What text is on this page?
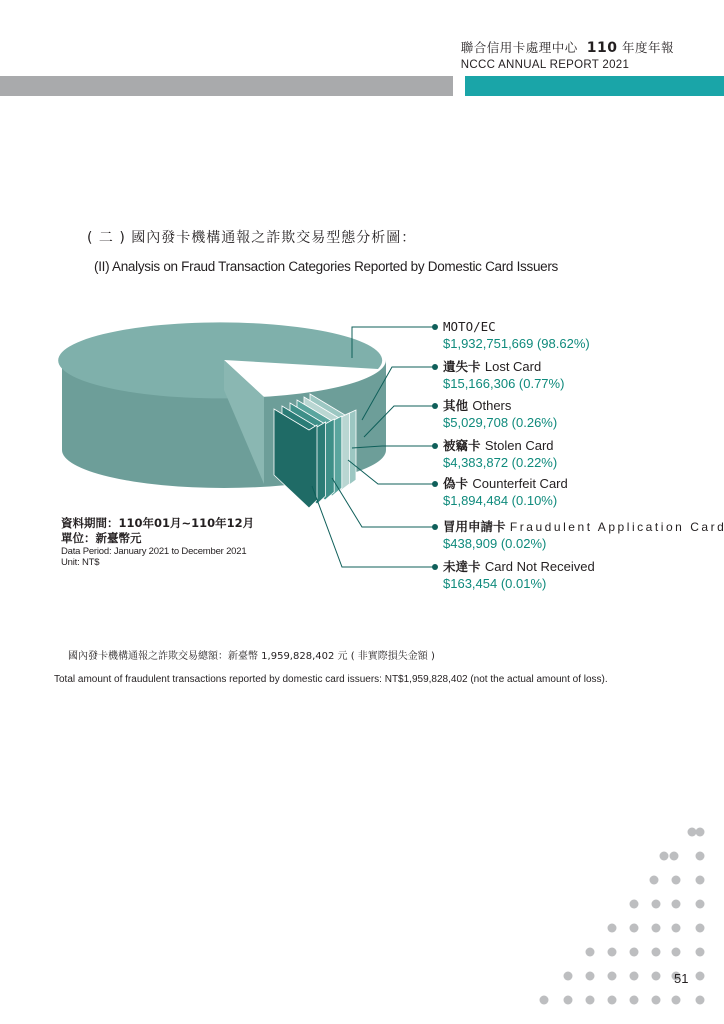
聯合信用卡處理中心 110 年度年報
NCCC ANNUAL REPORT 2021
( 二 ) 國內發卡機構通報之詐欺交易型態分析圖：
(II) Analysis on Fraud Transaction Categories Reported by Domestic Card Issuers
MOTO/EC
$1,932,751,669 (98.62%)
遺失卡 Lost Card
$15,166,306 (0.77%)
其他 Others
$5,029,708 (0.26%)
被竊卡 Stolen Card
$4,383,872 (0.22%)
偽卡 Counterfeit Card
$1,894,484 (0.10%)
冒用申請卡 Fraudulent Application Card
$438,909 (0.02%)
未達卡 Card Not Received
$163,454 (0.01%)
資料期間：110年01月~110年12月
單位：新臺幣元
Data Period: January 2021 to December 2021
Unit: NT$
國內發卡機構通報之詐欺交易總額：新臺幣 1,959,828,402 元 ( 非實際損失金額 )
Total amount of fraudulent transactions reported by domestic card issuers: NT$1,959,828,402 (not the actual amount of loss).
51
